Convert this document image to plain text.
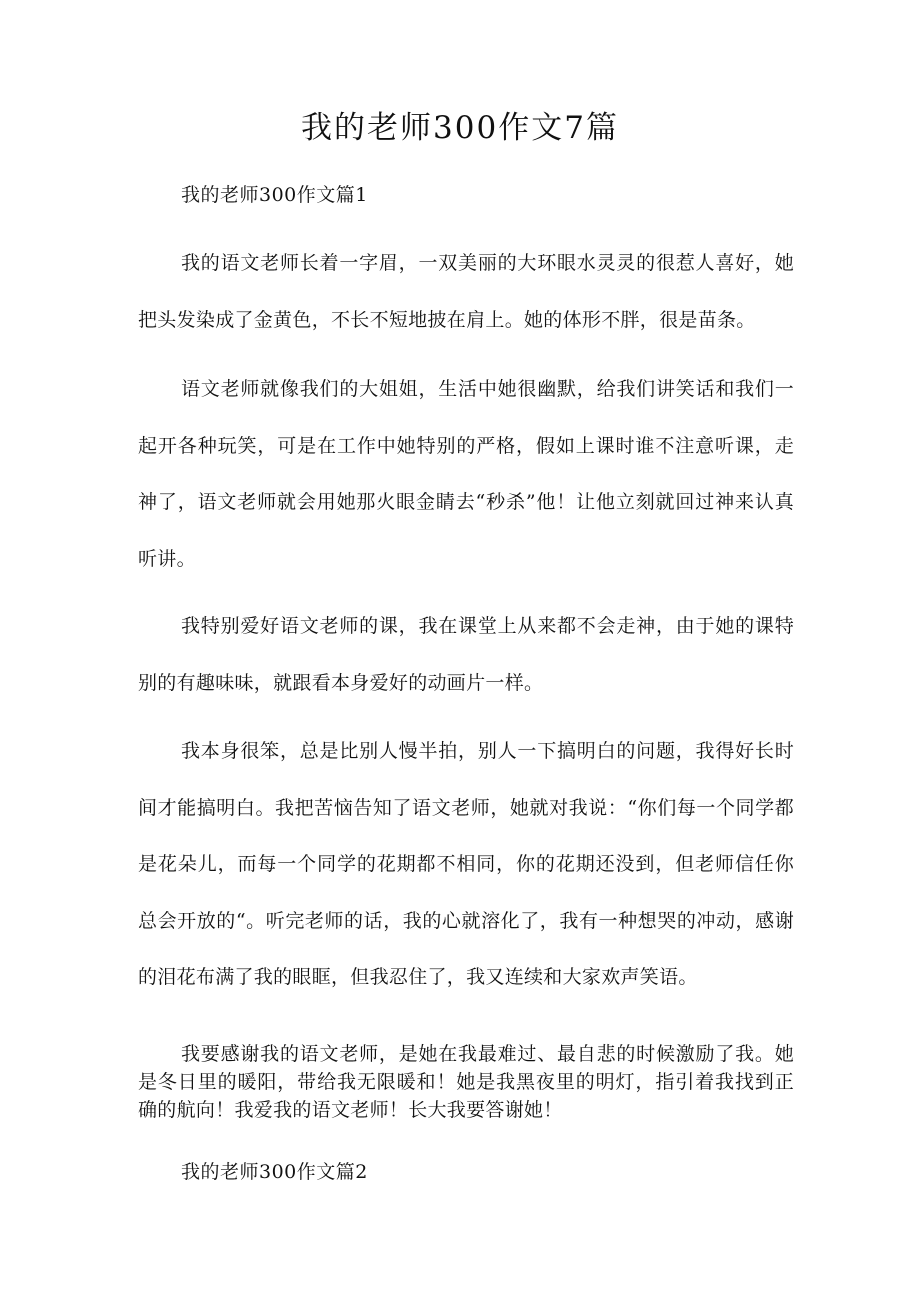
我的老师300作文7篇

我的老师300作文篇1

我的语文老师长着一字眉，一双美丽的大环眼水灵灵的很惹人喜好，她把头发染成了金黄色，不长不短地披在肩上。她的体形不胖，很是苗条。

语文老师就像我们的大姐姐，生活中她很幽默，给我们讲笑话和我们一起开各种玩笑，可是在工作中她特别的严格，假如上课时谁不注意听课，走神了，语文老师就会用她那火眼金睛去“秒杀”他！让他立刻就回过神来认真听讲。

我特别爱好语文老师的课，我在课堂上从来都不会走神，由于她的课特别的有趣味味，就跟看本身爱好的动画片一样。

我本身很笨，总是比别人慢半拍，别人一下搞明白的问题，我得好长时间才能搞明白。我把苦恼告知了语文老师，她就对我说：“你们每一个同学都是花朵儿，而每一个同学的花期都不相同，你的花期还没到，但老师信任你总会开放的“。听完老师的话，我的心就溶化了，我有一种想哭的冲动，感谢的泪花布满了我的眼眶，但我忍住了，我又连续和大家欢声笑语。

我要感谢我的语文老师，是她在我最难过、最自悲的时候激励了我。她是冬日里的暖阳，带给我无限暖和！她是我黑夜里的明灯，指引着我找到正确的航向！我爱我的语文老师！长大我要答谢她！

我的老师300作文篇2
